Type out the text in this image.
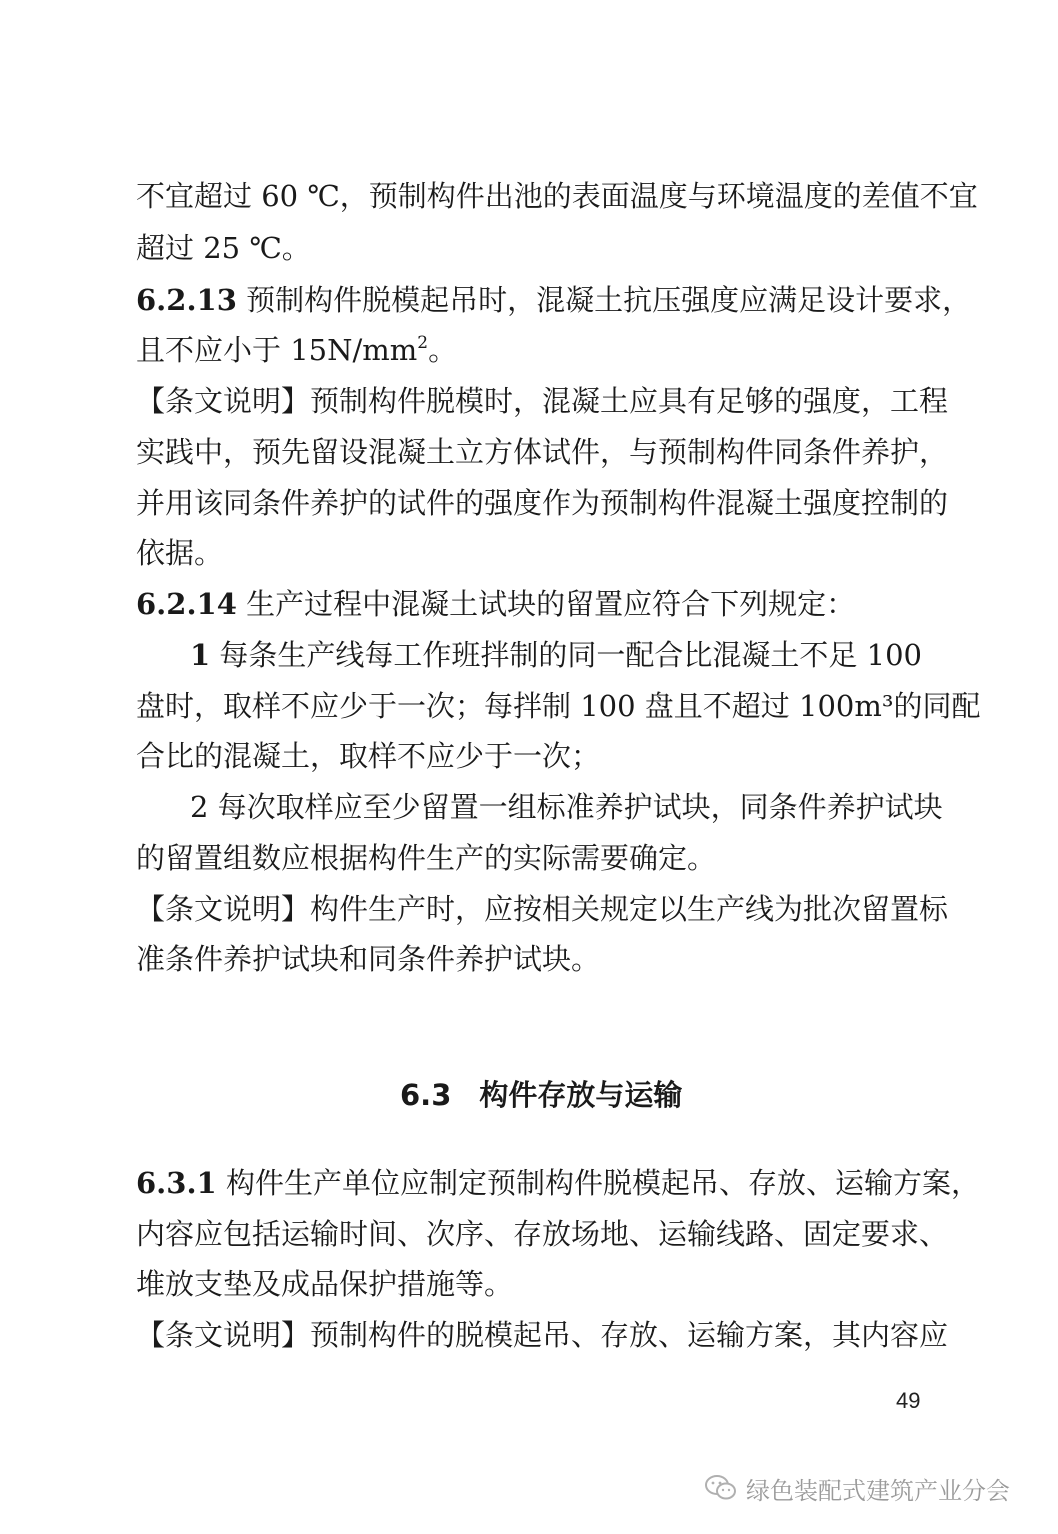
不宜超过 60 ℃，预制构件出池的表面温度与环境温度的差值不宜
超过 25 ℃。
6.2.13 预制构件脱模起吊时，混凝土抗压强度应满足设计要求，
且不应小于 $15N/mm^2$。
【条文说明】预制构件脱模时，混凝土应具有足够的强度，工程
实践中，预先留设混凝土立方体试件，与预制构件同条件养护，
并用该同条件养护的试件的强度作为预制构件混凝土强度控制的
依据。
6.2.14 生产过程中混凝土试块的留置应符合下列规定：
1 每条生产线每工作班拌制的同一配合比混凝土不足 100
盘时，取样不应少于一次；每拌制 100 盘且不超过 100m³的同配
合比的混凝土，取样不应少于一次；
2 每次取样应至少留置一组标准养护试块，同条件养护试块
的留置组数应根据构件生产的实际需要确定。
【条文说明】构件生产时，应按相关规定以生产线为批次留置标
准条件养护试块和同条件养护试块。
6.3 构件存放与运输
6.3.1 构件生产单位应制定预制构件脱模起吊、存放、运输方案，
内容应包括运输时间、次序、存放场地、运输线路、固定要求、
堆放支垫及成品保护措施等。
【条文说明】预制构件的脱模起吊、存放、运输方案，其内容应
49
绿色装配式建筑产业分会
